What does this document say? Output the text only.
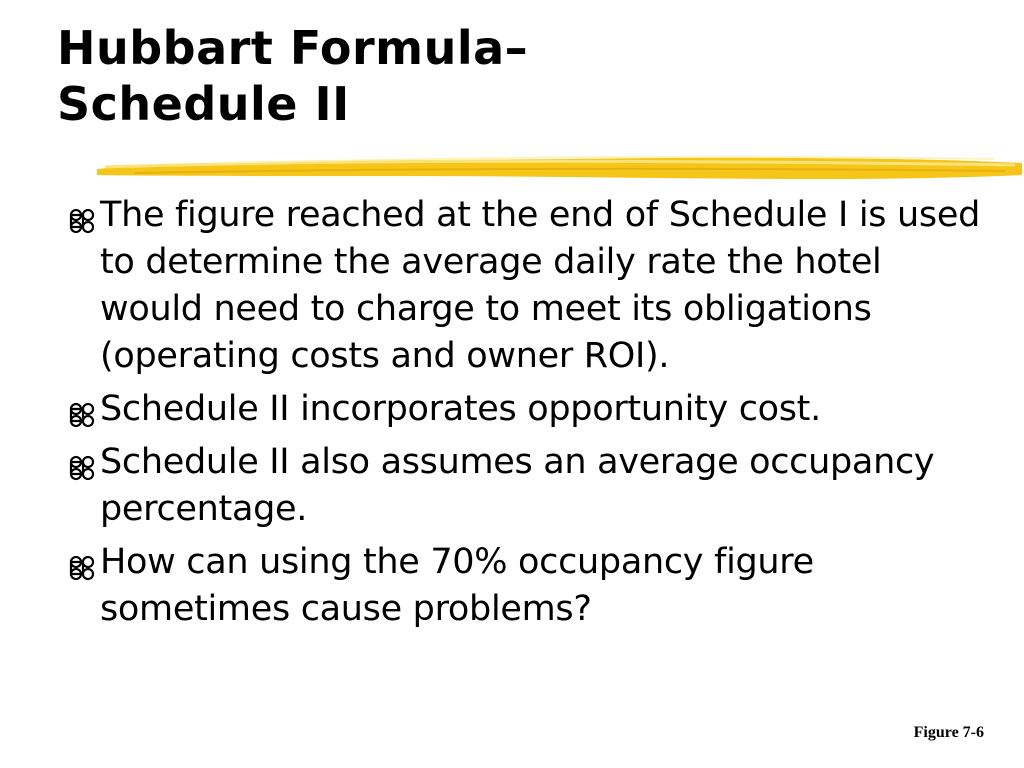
Hubbart Formula–
Schedule II
The figure reached at the end of Schedule I is used to determine the average daily rate the hotel would need to charge to meet its obligations (operating costs and owner ROI).
Schedule II incorporates opportunity cost.
Schedule II also assumes an average occupancy percentage.
How can using the 70% occupancy figure sometimes cause problems?
Figure 7-6
